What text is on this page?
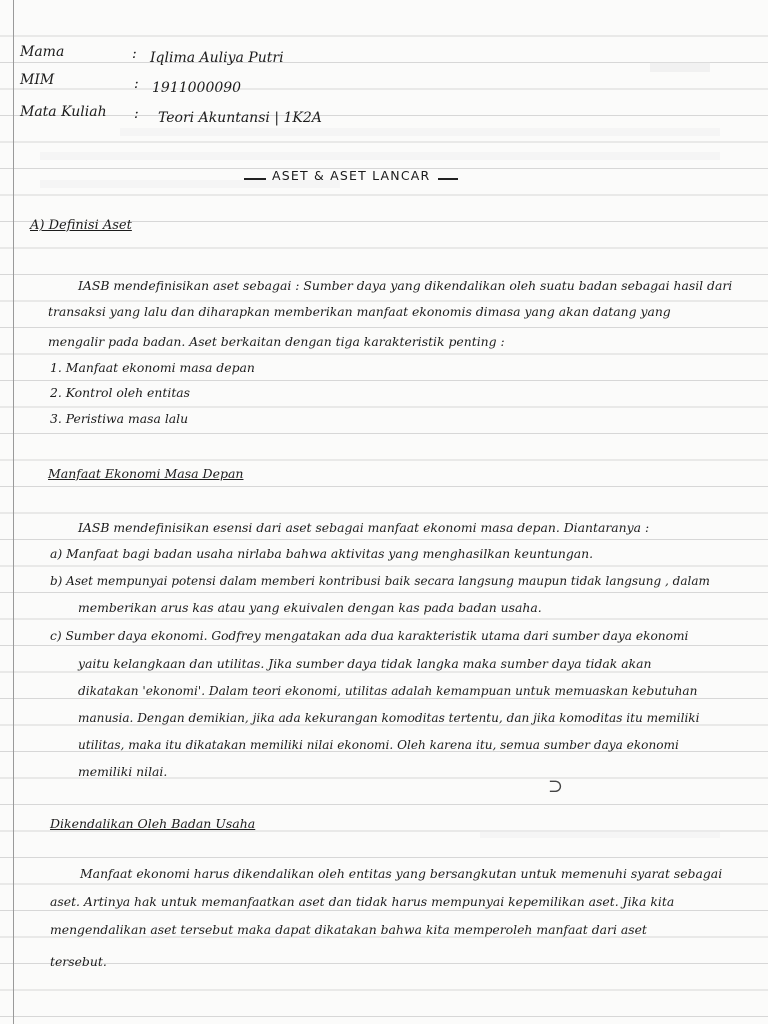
Mama	: Iqlima Auliya Putri
MIM	: 1911000090
Mata Kuliah : Teori Akuntansi | 1K2A
ASET & ASET LANCAR
A) Definisi Aset
IASB mendefinisikan aset sebagai : Sumber daya yang dikendalikan oleh suatu badan sebagai hasil dari
transaksi yang lalu dan diharapkan memberikan manfaat ekonomis dimasa yang akan datang yang
mengalir pada badan. Aset berkaitan dengan tiga karakteristik penting :
1. Manfaat ekonomi masa depan
2. Kontrol oleh entitas
3. Peristiwa masa lalu
Manfaat Ekonomi Masa Depan
IASB mendefinisikan esensi dari aset sebagai manfaat ekonomi masa depan. Diantaranya :
a) Manfaat bagi badan usaha nirlaba bahwa aktivitas yang menghasilkan keuntungan.
b) Aset mempunyai potensi dalam memberi kontribusi baik secara langsung maupun tidak langsung , dalam
memberikan arus kas atau yang ekuivalen dengan kas pada badan usaha.
c) Sumber daya ekonomi. Godfrey mengatakan ada dua karakteristik utama dari sumber daya ekonomi
yaitu kelangkaan dan utilitas. Jika sumber daya tidak langka maka sumber daya tidak akan
dikatakan 'ekonomi'. Dalam teori ekonomi, utilitas adalah kemampuan untuk memuaskan kebutuhan
manusia. Dengan demikian, jika ada kekurangan komoditas tertentu, dan jika komoditas itu memiliki
utilitas, maka itu dikatakan memiliki nilai ekonomi. Oleh karena itu, semua sumber daya ekonomi
memiliki nilai.
⊃
Dikendalikan Oleh Badan Usaha
Manfaat ekonomi harus dikendalikan oleh entitas yang bersangkutan untuk memenuhi syarat sebagai
aset. Artinya hak untuk memanfaatkan aset dan tidak harus mempunyai kepemilikan aset. Jika kita
mengendalikan aset tersebut maka dapat dikatakan bahwa kita memperoleh manfaat dari aset
tersebut.
